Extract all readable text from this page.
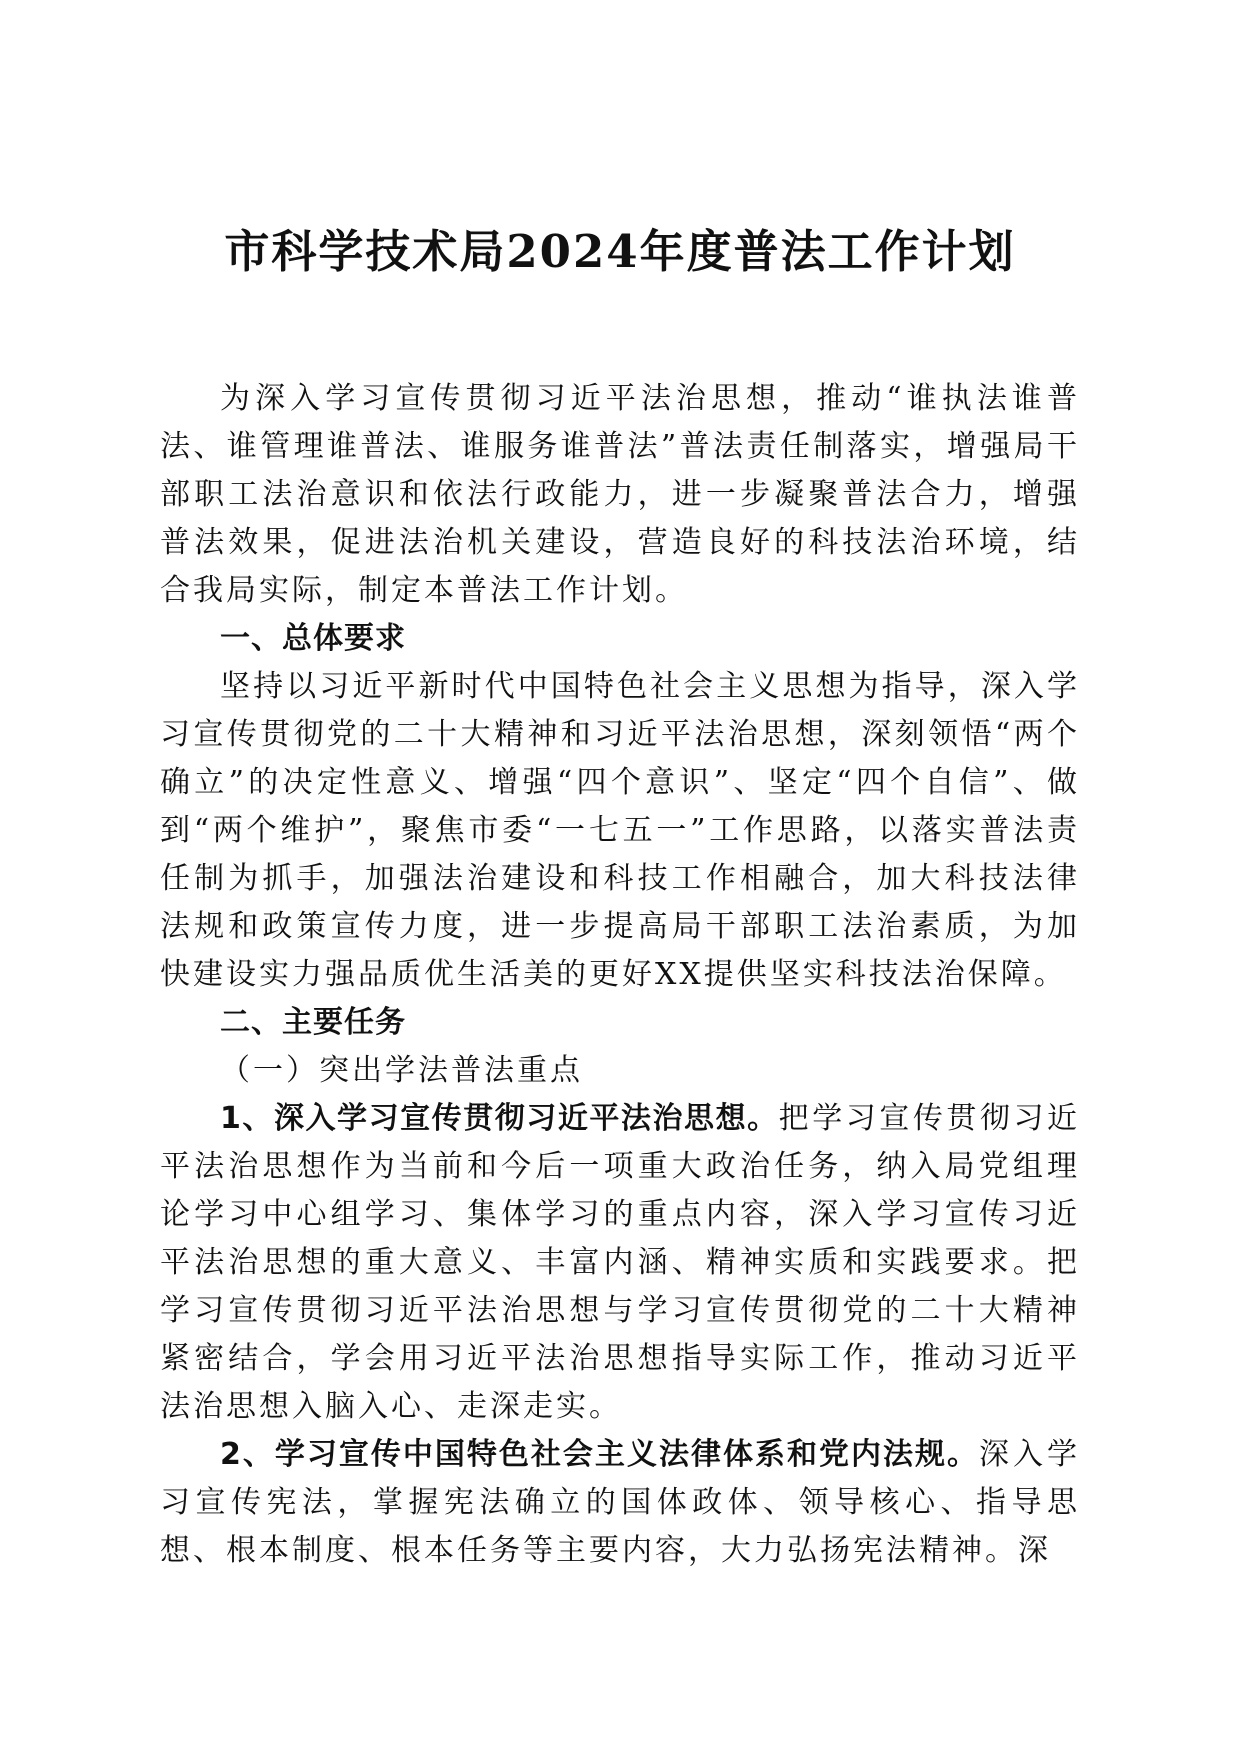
市科学技术局2024年度普法工作计划

为深入学习宣传贯彻习近平法治思想，推动“谁执法谁普法、谁管理谁普法、谁服务谁普法”普法责任制落实，增强局干部职工法治意识和依法行政能力，进一步凝聚普法合力，增强普法效果，促进法治机关建设，营造良好的科技法治环境，结合我局实际，制定本普法工作计划。

一、总体要求

坚持以习近平新时代中国特色社会主义思想为指导，深入学习宣传贯彻党的二十大精神和习近平法治思想，深刻领悟“两个确立”的决定性意义、增强“四个意识”、坚定“四个自信”、做到“两个维护”，聚焦市委“一七五一”工作思路，以落实普法责任制为抓手，加强法治建设和科技工作相融合，加大科技法律法规和政策宣传力度，进一步提高局干部职工法治素质，为加快建设实力强品质优生活美的更好XX提供坚实科技法治保障。

二、主要任务

（一）突出学法普法重点

1、深入学习宣传贯彻习近平法治思想。把学习宣传贯彻习近平法治思想作为当前和今后一项重大政治任务，纳入局党组理论学习中心组学习、集体学习的重点内容，深入学习宣传习近平法治思想的重大意义、丰富内涵、精神实质和实践要求。把学习宣传贯彻习近平法治思想与学习宣传贯彻党的二十大精神紧密结合，学会用习近平法治思想指导实际工作，推动习近平法治思想入脑入心、走深走实。

2、学习宣传中国特色社会主义法律体系和党内法规。深入学习宣传宪法，掌握宪法确立的国体政体、领导核心、指导思想、根本制度、根本任务等主要内容，大力弘扬宪法精神。深
